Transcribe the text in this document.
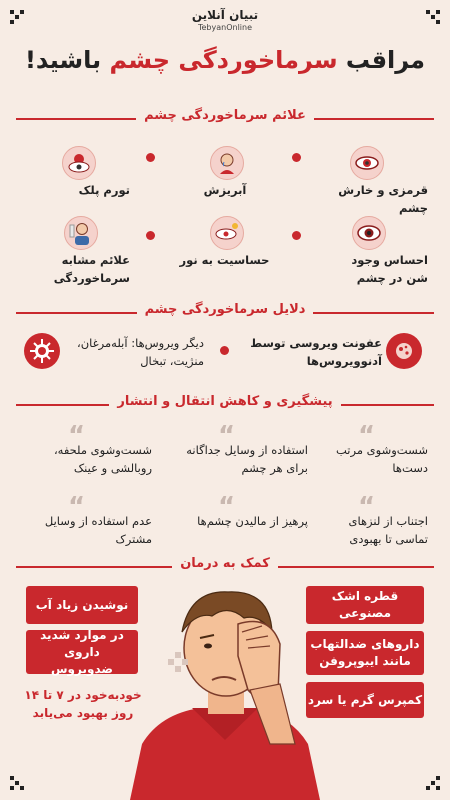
تبیان آنلاین
TebyanOnline
مراقب سرماخوردگی چشم باشید!
علائم سرماخوردگی چشم
قرمزی و خارش چشم
آبریزش
تورم پلک
احساس وجود شن در چشم
حساسیت به نور
علائم مشابه سرماخوردگی
دلایل سرماخوردگی چشم
عفونت ویروسی توسط آدنوویروس‌ها
دیگر ویروس‌ها: آبله‌مرغان، منژیت، تبخال
پیشگیری و کاهش انتقال و انتشار
“
شست‌وشوی مرتب دست‌ها
“
استفاده از وسایل جداگانه برای هر چشم
“
شست‌وشوی ملحفه، روبالشی و عینک
“
اجتناب از لنزهای تماسی تا بهبودی
“
پرهیز از مالیدن چشم‌ها
“
عدم استفاده از وسایل مشترک
کمک به درمان
قطره اشک مصنوعی
داروهای ضدالتهاب مانند ایبوپروفن
کمپرس گرم یا سرد
نوشیدن زیاد آب
در موارد شدید داروی ضدویروس
خودبه‌خود در ۷ تا ۱۴ روز بهبود می‌یابد
